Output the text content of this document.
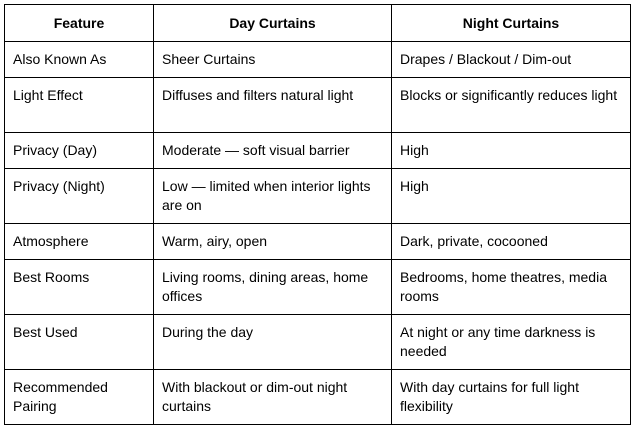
Feature	Day Curtains	Night Curtains
Also Known As	Sheer Curtains	Drapes / Blackout / Dim-out
Light Effect	Diffuses and filters natural light	Blocks or significantly reduces light
Privacy (Day)	Moderate — soft visual barrier	High
Privacy (Night)	Low — limited when interior lights are on	High
Atmosphere	Warm, airy, open	Dark, private, cocooned
Best Rooms	Living rooms, dining areas, home offices	Bedrooms, home theatres, media rooms
Best Used	During the day	At night or any time darkness is needed
Recommended Pairing	With blackout or dim-out night curtains	With day curtains for full light flexibility
